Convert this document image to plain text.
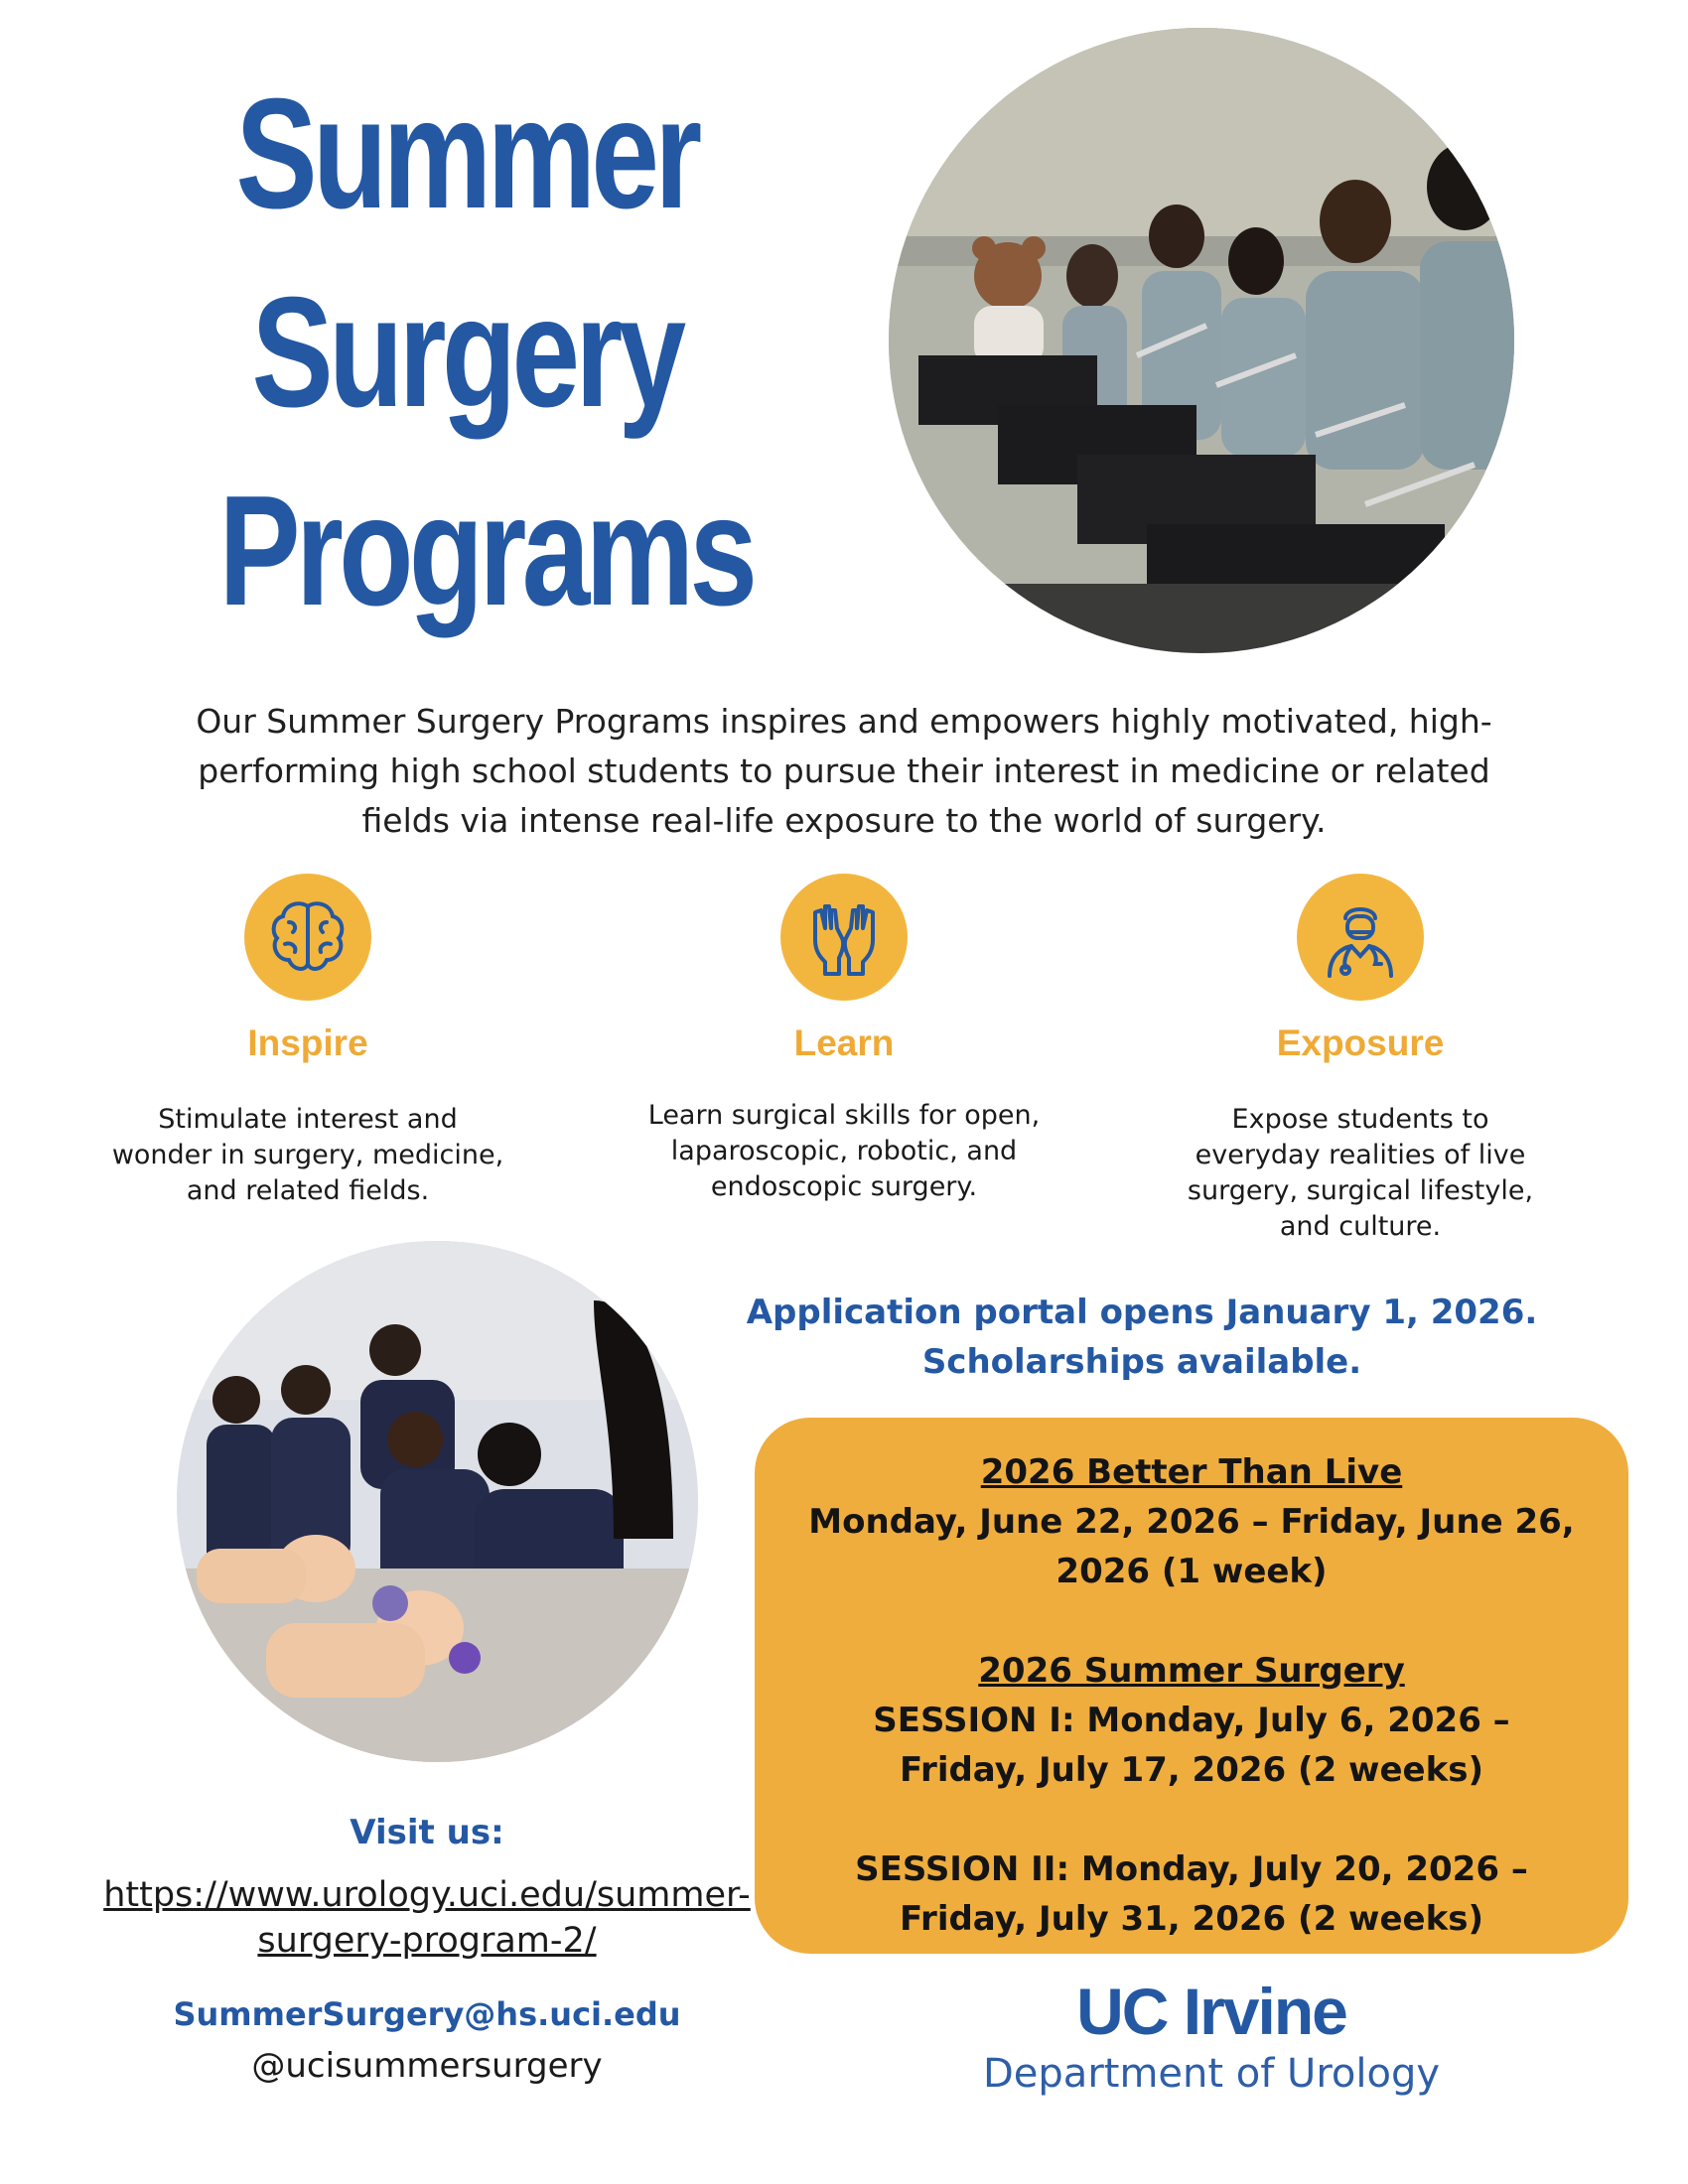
Summer
Surgery
Programs
Our Summer Surgery Programs inspires and empowers highly motivated, high-
performing high school students to pursue their interest in medicine or related
fields via intense real-life exposure to the world of surgery.
Inspire
Stimulate interest and
wonder in surgery, medicine,
and related fields.
Learn
Learn surgical skills for open,
laparoscopic, robotic, and
endoscopic surgery.
Exposure
Expose students to
everyday realities of live
surgery, surgical lifestyle,
and culture.
Application portal opens January 1, 2026.
Scholarships available.
2026 Better Than Live
Monday, June 22, 2026 – Friday, June 26,
2026 (1 week)
2026 Summer Surgery
SESSION I: Monday, July 6, 2026 –
Friday, July 17, 2026 (2 weeks)
SESSION II: Monday, July 20, 2026 –
Friday, July 31, 2026 (2 weeks)
Visit us:
https://www.urology.uci.edu/summer-
surgery-program-2/
SummerSurgery@hs.uci.edu
@ucisummersurgery
UC Irvine
Department of Urology
